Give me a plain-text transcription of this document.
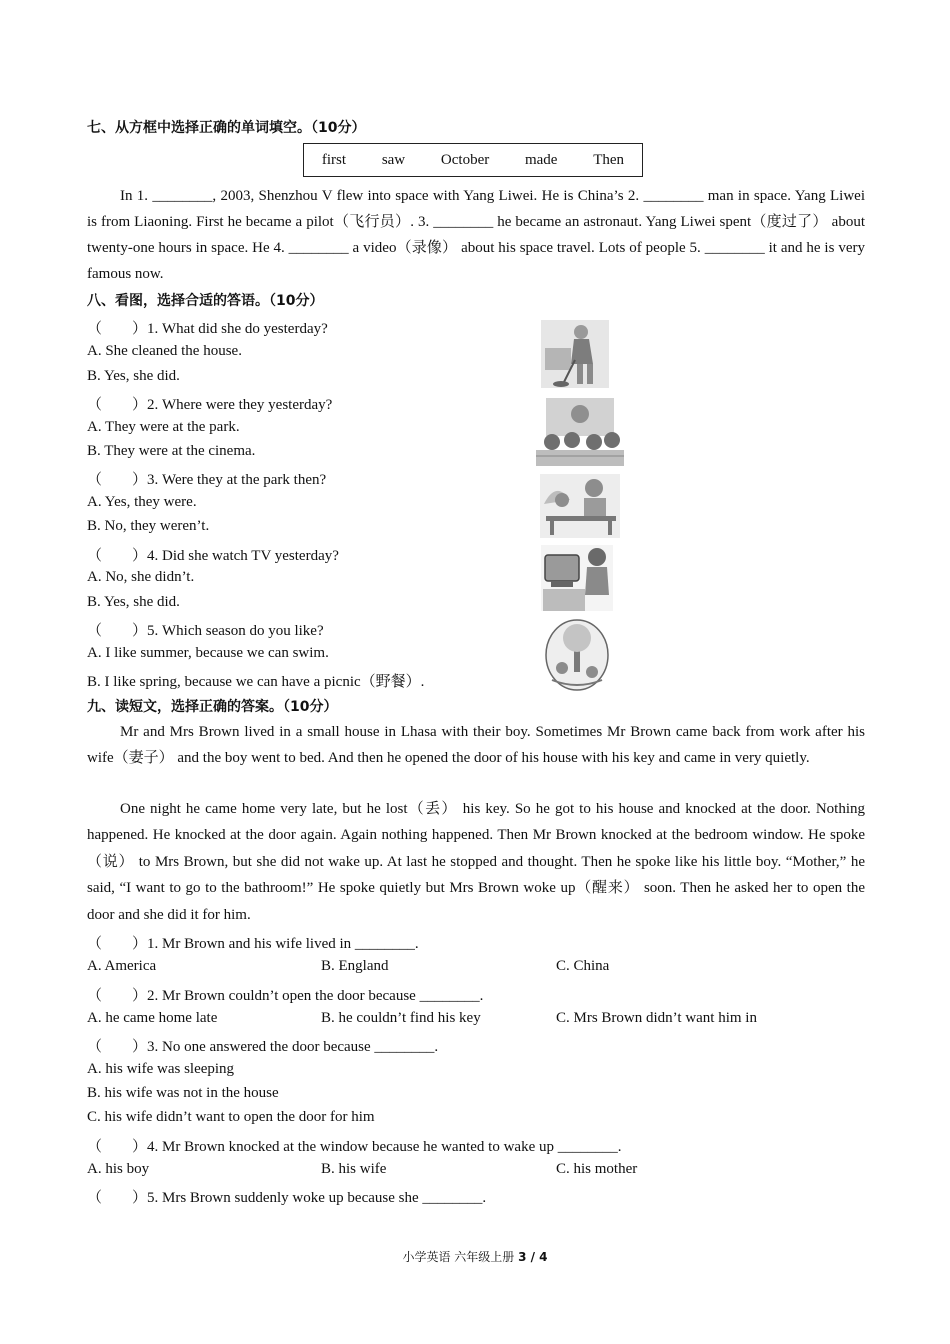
七、从方框中选择正确的单词填空。（10分）
first saw October made Then
In 1. ________, 2003, Shenzhou V flew into space with Yang Liwei. He is China’s 2. ________ man in space. Yang Liwei is from Liaoning. First he became a pilot（飞行员）. 3. ________ he became an astronaut. Yang Liwei spent（度过了） about twenty-one hours in space. He 4. ________ a video（录像） about his space travel. Lots of people 5. ________ it and he is very famous now.
八、看图，选择合适的答语。（10分）
（　　）1. What did she do yesterday?
A. She cleaned the house.
B. Yes, she did.
（　　）2. Where were they yesterday?
A. They were at the park.
B. They were at the cinema.
（　　）3. Were they at the park then?
A. Yes, they were.
B. No, they weren’t.
（　　）4. Did she watch TV yesterday?
A. No, she didn’t.
B. Yes, she did.
（　　）5. Which season do you like?
A. I like summer, because we can swim.
B. I like spring, because we can have a picnic（野餐）.
九、读短文，选择正确的答案。（10分）
Mr and Mrs Brown lived in a small house in Lhasa with their boy. Sometimes Mr Brown came back from work after his wife（妻子） and the boy went to bed. And then he opened the door of his house with his key and came in very quietly.
One night he came home very late, but he lost（丢） his key. So he got to his house and knocked at the door. Nothing happened. He knocked at the door again. Again nothing happened. Then Mr Brown knocked at the bedroom window. He spoke（说） to Mrs Brown, but she did not wake up. At last he stopped and thought. Then he spoke like his little boy. “Mother,” he said, “I want to go to the bathroom!” He spoke quietly but Mrs Brown woke up（醒来） soon. Then he asked her to open the door and she did it for him.
（　　）1. Mr Brown and his wife lived in ________.
A. America	B. England	C. China
（　　）2. Mr Brown couldn’t open the door because ________.
A. he came home late	B. he couldn’t find his key	C. Mrs Brown didn’t want him in
（　　）3. No one answered the door because ________.
A. his wife was sleeping
B. his wife was not in the house
C. his wife didn’t want to open the door for him
（　　）4. Mr Brown knocked at the window because he wanted to wake up ________.
A. his boy	B. his wife	C. his mother
（　　）5. Mrs Brown suddenly woke up because she ________.
小学英语 六年级上册 3 / 4
